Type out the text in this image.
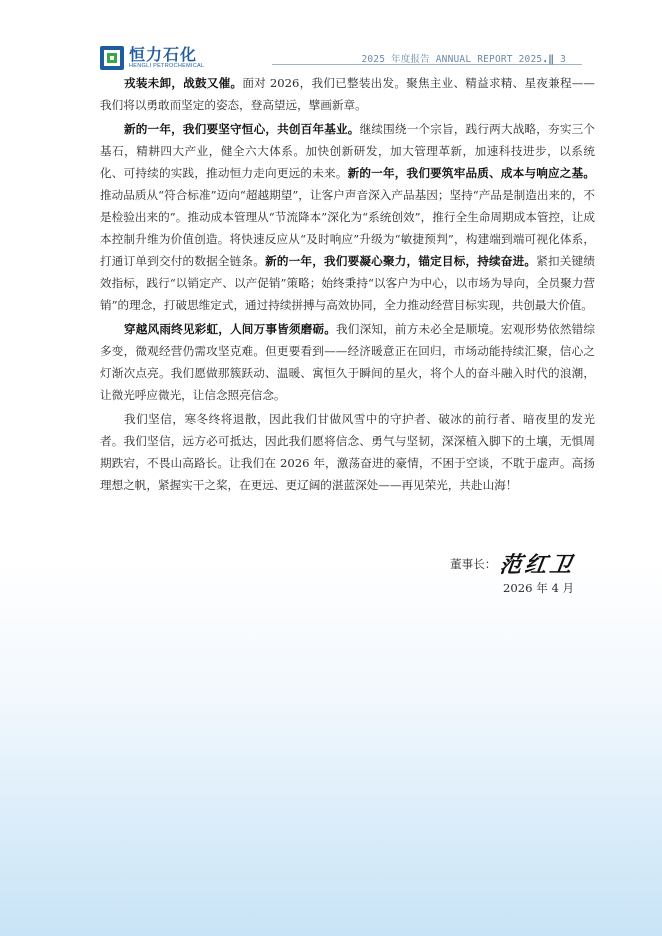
恒力石化
HENGLI PETROCHEMICAL
2025 年度报告 ANNUAL REPORT 2025.‖ 3

戎装未卸，战鼓又催。面对 2026，我们已整装出发。聚焦主业、精益求精、星夜兼程——我们将以勇敢而坚定的姿态，登高望远，擘画新章。

新的一年，我们要坚守恒心，共创百年基业。继续围绕一个宗旨，践行两大战略，夯实三个基石，精耕四大产业，健全六大体系。加快创新研发，加大管理革新，加速科技进步，以系统化、可持续的实践，推动恒力走向更远的未来。新的一年，我们要筑牢品质、成本与响应之基。推动品质从“符合标准”迈向“超越期望”，让客户声音深入产品基因；坚持“产品是制造出来的，不是检验出来的”。推动成本管理从“节流降本”深化为“系统创效”，推行全生命周期成本管控，让成本控制升维为价值创造。将快速反应从“及时响应”升级为“敏捷预判”，构建端到端可视化体系，打通订单到交付的数据全链条。新的一年，我们要凝心聚力，锚定目标，持续奋进。紧扣关键绩效指标，践行“以销定产、以产促销”策略；始终秉持“以客户为中心，以市场为导向，全员聚力营销”的理念，打破思维定式，通过持续拼搏与高效协同，全力推动经营目标实现，共创最大价值。

穿越风雨终见彩虹，人间万事皆须磨砺。我们深知，前方未必全是顺境。宏观形势依然错综多变，微观经营仍需攻坚克难。但更要看到——经济暖意正在回归，市场动能持续汇聚，信心之灯渐次点亮。我们愿做那簇跃动、温暖、寓恒久于瞬间的星火，将个人的奋斗融入时代的浪潮，让微光呼应微光，让信念照亮信念。

我们坚信，寒冬终将退散，因此我们甘做风雪中的守护者、破冰的前行者、暗夜里的发光者。我们坚信，远方必可抵达，因此我们愿将信念、勇气与坚韧，深深植入脚下的土壤，无惧周期跌宕，不畏山高路长。让我们在 2026 年，激荡奋进的豪情，不困于空谈，不耽于虚声。高扬理想之帆，紧握实干之桨，在更远、更辽阔的湛蓝深处——再见荣光，共赴山海！

董事长： 范红卫
2026 年 4 月
